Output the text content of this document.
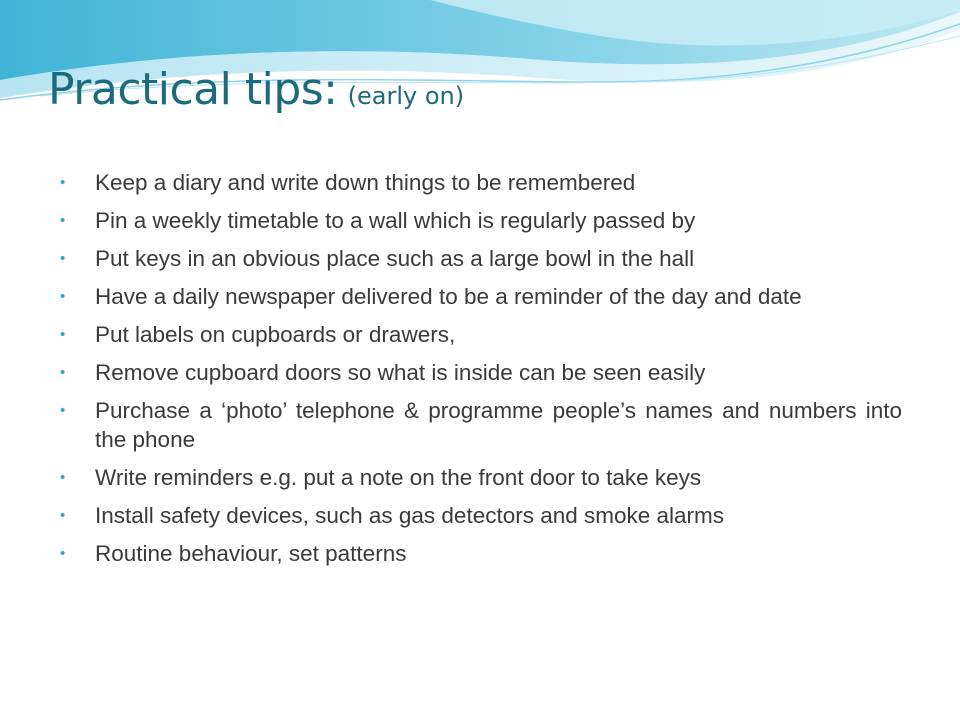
Practical tips: (early on)
• Keep a diary and write down things to be remembered
• Pin a weekly timetable to a wall which is regularly passed by
• Put keys in an obvious place such as a large bowl in the hall
• Have a daily newspaper delivered to be a reminder of the day and date
• Put labels on cupboards or drawers,
• Remove cupboard doors so what is inside can be seen easily
• Purchase a ‘photo’ telephone & programme people’s names and numbers into the phone
• Write reminders e.g. put a note on the front door to take keys
• Install safety devices, such as gas detectors and smoke alarms
• Routine behaviour, set patterns
